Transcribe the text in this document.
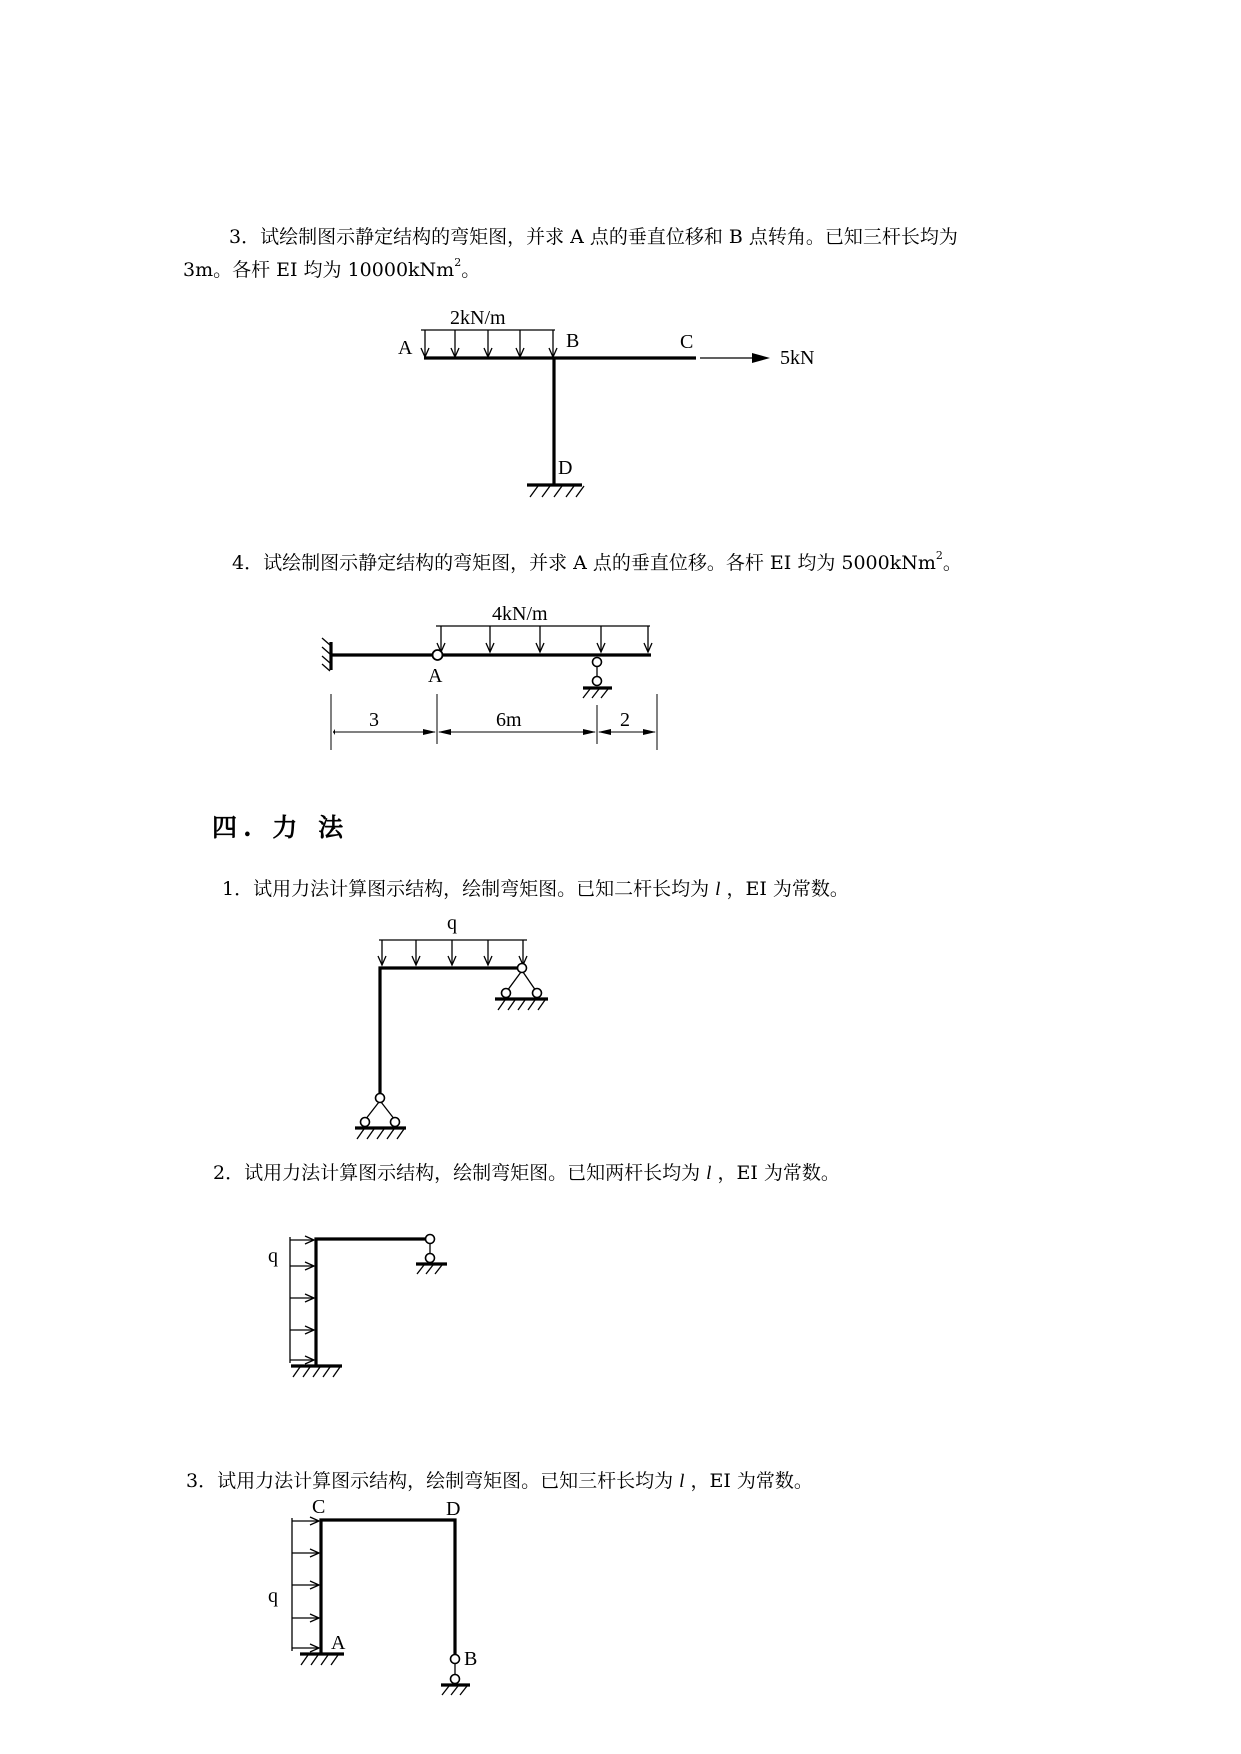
3．试绘制图示静定结构的弯矩图，并求 A 点的垂直位移和 B 点转角。已知三杆长均为
3m。各杆 EI 均为 10000kNm$^2$。
2kN/m
5kN
A	B	C
D
4．试绘制图示静定结构的弯矩图，并求 A 点的垂直位移。各杆 EI 均为 5000kNm$^2$。
4kN/m
A
3	6m	2
四. 力 法
1．试用力法计算图示结构，绘制弯矩图。已知二杆长均为 l ，EI 为常数。
q
2．试用力法计算图示结构，绘制弯矩图。已知两杆长均为 l ，EI 为常数。
q
3．试用力法计算图示结构，绘制弯矩图。已知三杆长均为 l ，EI 为常数。
q
C	D
A
B
